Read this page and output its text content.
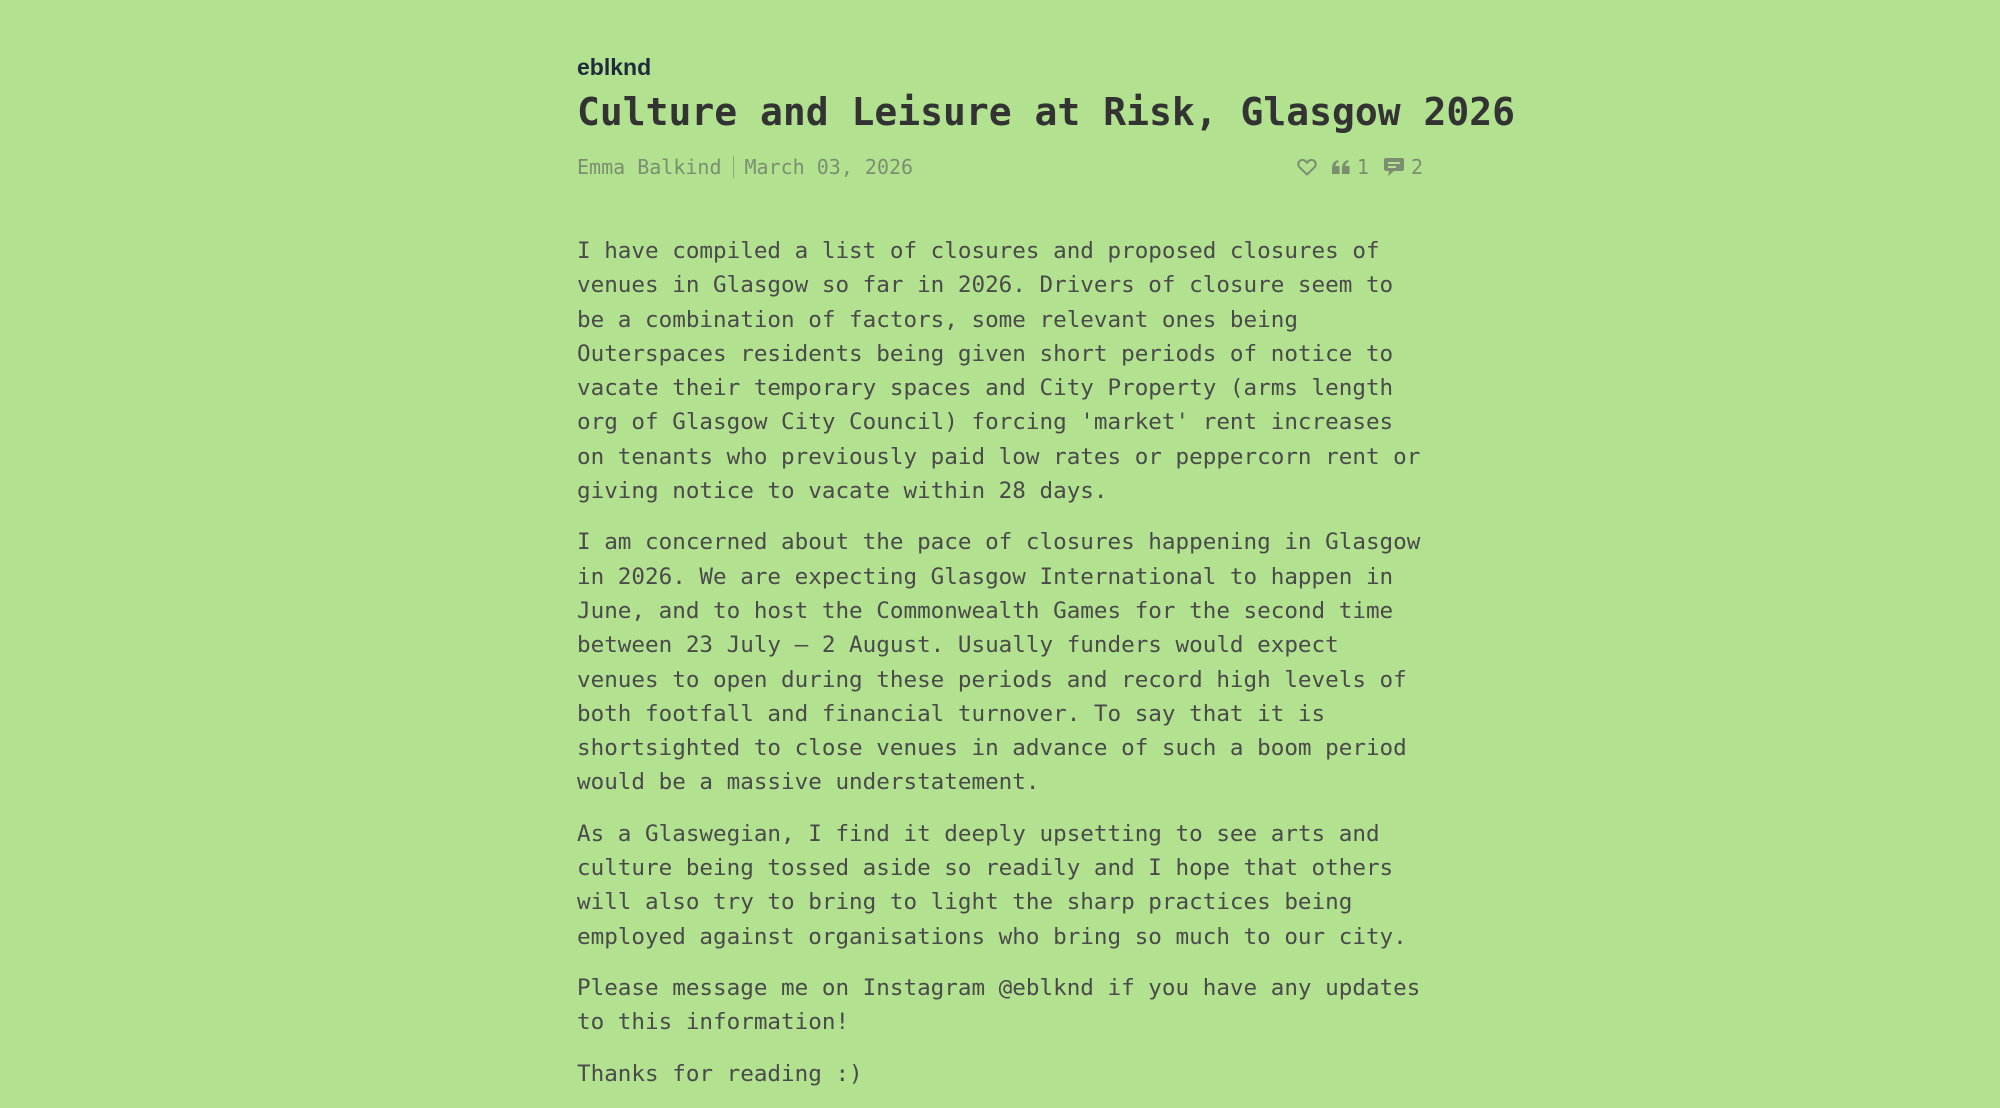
eblknd
Culture and Leisure at Risk, Glasgow 2026
Emma Balkind March 03, 2026	1 2

I have compiled a list of closures and proposed closures of venues in Glasgow so far in 2026. Drivers of closure seem to be a combination of factors, some relevant ones being Outerspaces residents being given short periods of notice to vacate their temporary spaces and City Property (arms length org of Glasgow City Council) forcing 'market' rent increases on tenants who previously paid low rates or peppercorn rent or giving notice to vacate within 28 days.

I am concerned about the pace of closures happening in Glasgow in 2026. We are expecting Glasgow International to happen in June, and to host the Commonwealth Games for the second time between 23 July – 2 August. Usually funders would expect venues to open during these periods and record high levels of both footfall and financial turnover. To say that it is shortsighted to close venues in advance of such a boom period would be a massive understatement.

As a Glaswegian, I find it deeply upsetting to see arts and culture being tossed aside so readily and I hope that others will also try to bring to light the sharp practices being employed against organisations who bring so much to our city.

Please message me on Instagram @eblknd if you have any updates to this information!

Thanks for reading :)
